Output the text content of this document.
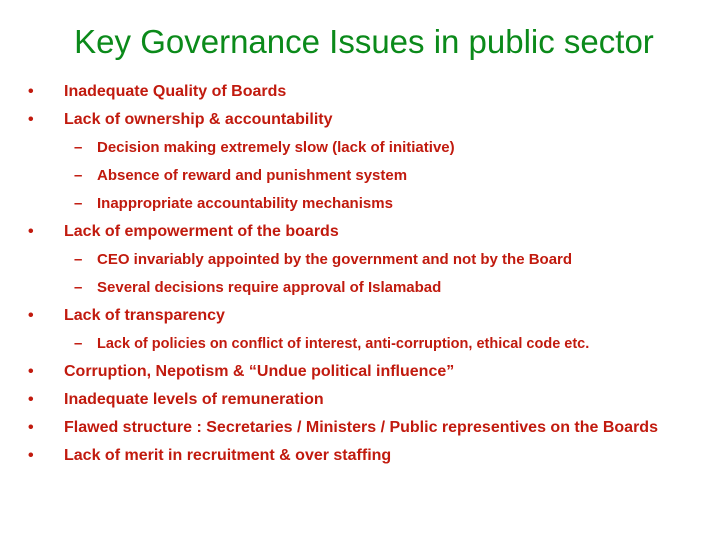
Key Governance Issues in public sector
• Inadequate Quality of Boards
• Lack of ownership & accountability
– Decision making extremely slow (lack of initiative)
– Absence of reward and punishment system
– Inappropriate accountability mechanisms
• Lack of empowerment of the boards
– CEO invariably appointed by the government and not by the Board
– Several decisions require approval of Islamabad
• Lack of transparency
– Lack of policies on conflict of interest, anti-corruption, ethical code etc.
• Corruption, Nepotism & “Undue political influence”
• Inadequate levels of remuneration
• Flawed structure : Secretaries / Ministers / Public representives on the Boards
• Lack of merit in recruitment & over staffing
